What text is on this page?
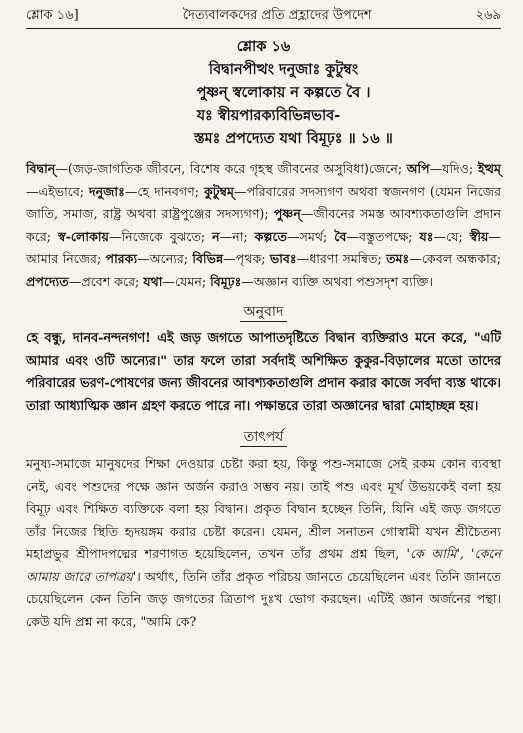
শ্লোক ১৬]	দৈত্যবালকদের প্রতি প্রহ্লাদের উপদেশ	২৬৯
শ্লোক ১৬
বিদ্বানপীত্থং দনুজাঃ কুটুম্বং
পুষ্ণন্ স্বলোকায় ন কল্পতে বৈ ।
যঃ স্বীয়পারক্যবিভিন্নভাব-
স্তমঃ প্রপদ্যেত যথা বিমূঢ়ঃ ॥ ১৬ ॥
বিদ্বান্—(জড়-জাগতিক জীবনে, বিশেষ করে গৃহস্থ জীবনের অসুবিধা)জেনে; অপি—যদিও; ইত্থম্—এইভাবে; দনুজাঃ—হে দানবগণ; কুটুম্বম্—পরিবারের সদস্যগণ অথবা স্বজনগণ (যেমন নিজের জাতি, সমাজ, রাষ্ট্র অথবা রাষ্ট্রপুঞ্জের সদস্যগণ); পুষ্ণন্—জীবনের সমস্ত আবশ্যকতাগুলি প্রদান করে; স্ব-লোকায়—নিজেকে বুঝতে; ন—না; কল্পতে—সমর্থ; বৈ—বস্তুতপক্ষে; যঃ—যে; স্বীয়—আমার নিজের; পারক্য—অন্যের; বিভিন্ন—পৃথক; ভাবঃ—ধারণা সমন্বিত; তমঃ—কেবল অন্ধকার; প্রপদ্যেত—প্রবেশ করে; যথা—যেমন; বিমূঢ়ঃ—অজ্ঞান ব্যক্তি অথবা পশুসদৃশ ব্যক্তি।
অনুবাদ
হে বন্ধু, দানব-নন্দনগণ! এই জড় জগতে আপাতদৃষ্টিতে বিদ্বান ব্যক্তিরাও মনে করে, "এটি আমার এবং ওটি অন্যের।" তার ফলে তারা সর্বদাই অশিক্ষিত কুকুর-বিড়ালের মতো তাদের পরিবারের ভরণ-পোষণের জন্য জীবনের আবশ্যকতাগুলি প্রদান করার কাজে সর্বদা ব্যস্ত থাকে। তারা আধ্যাত্মিক জ্ঞান গ্রহণ করতে পারে না। পক্ষান্তরে তারা অজ্ঞানের দ্বারা মোহাচ্ছন্ন হয়।
তাৎপর্য
মনুষ্য-সমাজে মানুষদের শিক্ষা দেওয়ার চেষ্টা করা হয়, কিন্তু পশু-সমাজে সেই রকম কোন ব্যবস্থা নেই, এবং পশুদের পক্ষে জ্ঞান অর্জন করাও সম্ভব নয়। তাই পশু এবং মূর্খ উভয়কেই বলা হয় বিমূঢ় এবং শিক্ষিত ব্যক্তিকে বলা হয় বিদ্বান। প্রকৃত বিদ্বান হচ্ছেন তিনি, যিনি এই জড় জগতে তাঁর নিজের স্থিতি হৃদয়ঙ্গম করার চেষ্টা করেন। যেমন, শ্রীল সনাতন গোস্বামী যখন শ্রীচৈতন্য মহাপ্রভুর শ্রীপাদপদ্মের শরণাগত হয়েছিলেন, তখন তাঁর প্রথম প্রশ্ন ছিল, 'কে আমি', 'কেনে আমায় জারে তাপত্রয়'। অর্থাৎ, তিনি তাঁর প্রকৃত পরিচয় জানতে চেয়েছিলেন এবং তিনি জানতে চেয়েছিলেন কেন তিনি জড় জগতের ত্রিতাপ দুঃখ ভোগ করছেন। এটিই জ্ঞান অর্জনের পন্থা। কেউ যদি প্রশ্ন না করে, "আমি কে?
